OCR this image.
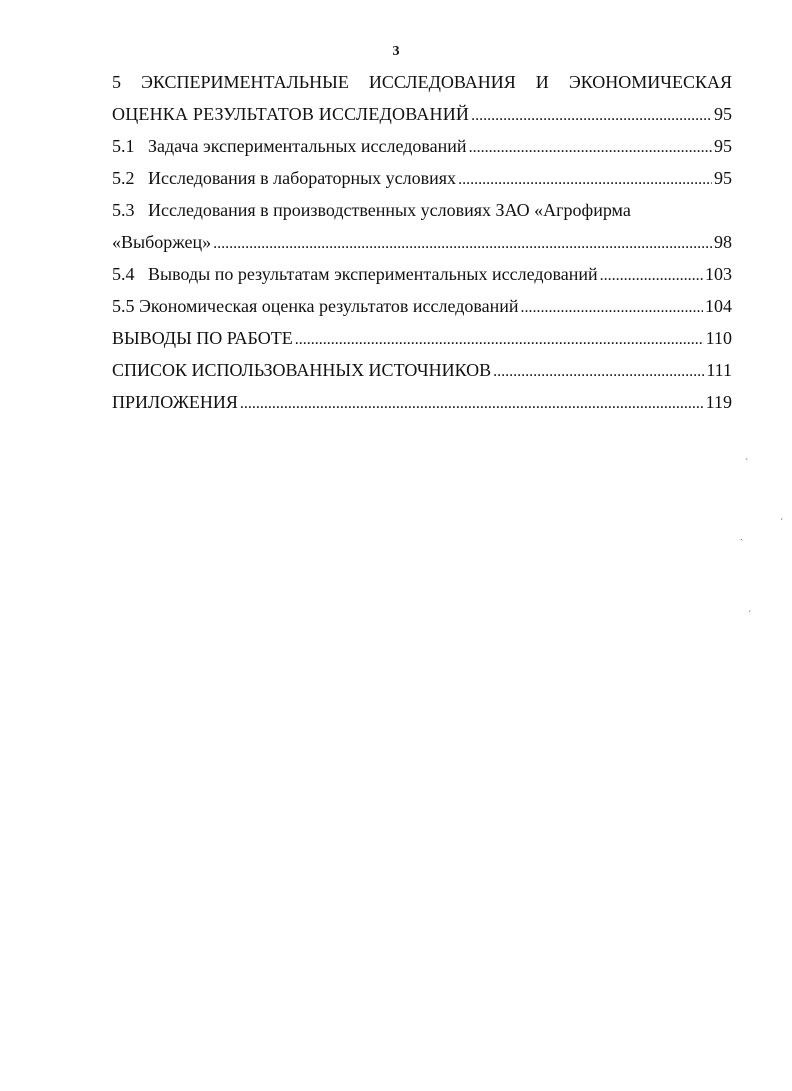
3
5 ЭКСПЕРИМЕНТАЛЬНЫЕ ИССЛЕДОВАНИЯ И ЭКОНОМИЧЕСКАЯ
ОЦЕНКА РЕЗУЛЬТАТОВ ИССЛЕДОВАНИЙ .....	95
5.1 Задача экспериментальных исследований .....	95
5.2 Исследования в лабораторных условиях .....	95
5.3 Исследования в производственных условиях ЗАО «Агрофирма
«Выборжец» .....	98
5.4 Выводы по результатам экспериментальных исследований .....	103
5.5 Экономическая оценка результатов исследований .....	104
ВЫВОДЫ ПО РАБОТЕ .....	110
СПИСОК ИСПОЛЬЗОВАННЫХ ИСТОЧНИКОВ .....	111
ПРИЛОЖЕНИЯ .....	119
ˋ
ˊ
ˏ
ˊ
